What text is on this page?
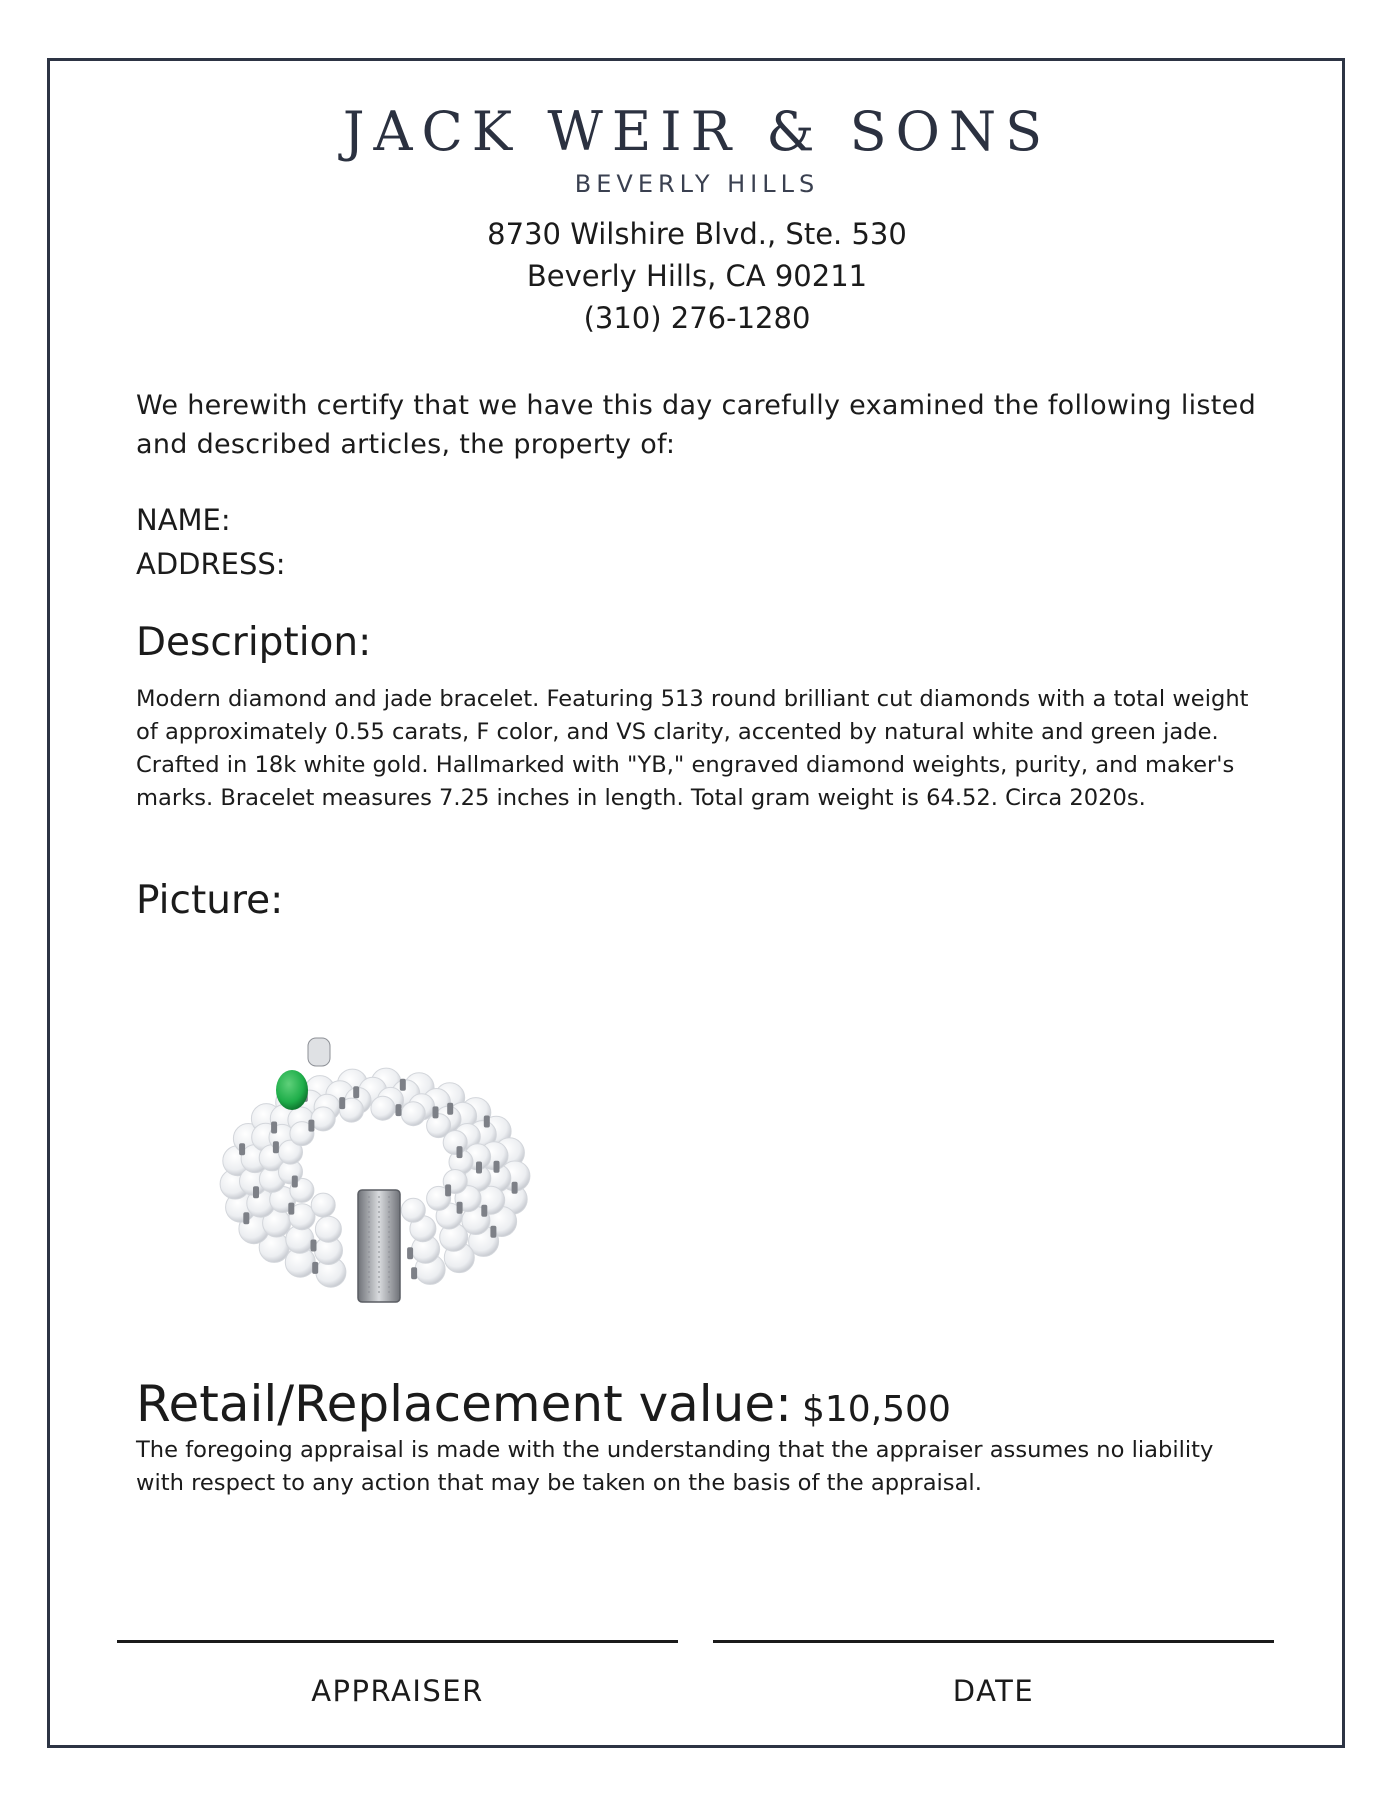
JACK WEIR & SONS
BEVERLY HILLS
8730 Wilshire Blvd., Ste. 530
Beverly Hills, CA 90211
(310) 276-1280
We herewith certify that we have this day carefully examined the following listed and described articles, the property of:
NAME:
ADDRESS:
Description:
Modern diamond and jade bracelet. Featuring 513 round brilliant cut diamonds with a total weight of approximately 0.55 carats, F color, and VS clarity, accented by natural white and green jade. Crafted in 18k white gold. Hallmarked with "YB," engraved diamond weights, purity, and maker's marks. Bracelet measures 7.25 inches in length. Total gram weight is 64.52. Circa 2020s.
Picture:
Retail/Replacement value: $10,500
The foregoing appraisal is made with the understanding that the appraiser assumes no liability with respect to any action that may be taken on the basis of the appraisal.
APPRAISER	DATE
